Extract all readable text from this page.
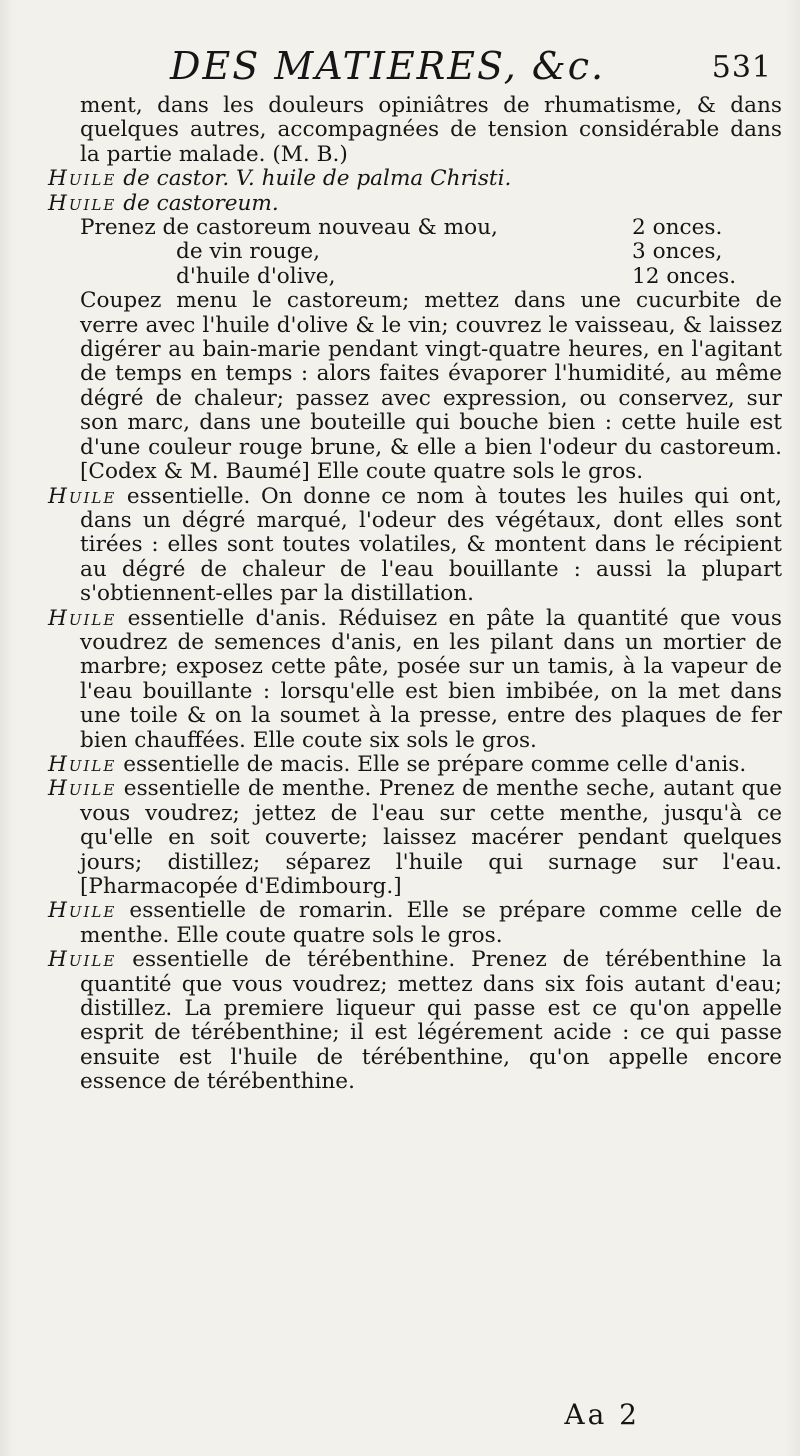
DES MATIERES, &c.	531

ment, dans les douleurs opiniâtres de rhumatisme, & dans quelques autres, accompagnées de tension considérable dans la partie malade. (M. B.)

Huile de castor. V. huile de palma Christi.

Huile de castoreum.

Prenez de castoreum nouveau & mou,	2 onces.
de vin rouge,	3 onces,
d'huile d'olive,	12 onces.

Coupez menu le castoreum; mettez dans une cucurbite de verre avec l'huile d'olive & le vin; couvrez le vaisseau, & laissez digérer au bain-marie pendant vingt-quatre heures, en l'agitant de temps en temps : alors faites évaporer l'humidité, au même dégré de chaleur; passez avec expression, ou conservez, sur son marc, dans une bouteille qui bouche bien : cette huile est d'une couleur rouge brune, & elle a bien l'odeur du castoreum. [Codex & M. Baumé] Elle coute quatre sols le gros.

Huile essentielle. On donne ce nom à toutes les huiles qui ont, dans un dégré marqué, l'odeur des végétaux, dont elles sont tirées : elles sont toutes volatiles, & montent dans le récipient au dégré de chaleur de l'eau bouillante : aussi la plupart s'obtiennent-elles par la distillation.

Huile essentielle d'anis. Réduisez en pâte la quantité que vous voudrez de semences d'anis, en les pilant dans un mortier de marbre; exposez cette pâte, posée sur un tamis, à la vapeur de l'eau bouillante : lorsqu'elle est bien imbibée, on la met dans une toile & on la soumet à la presse, entre des plaques de fer bien chauffées. Elle coute six sols le gros.

Huile essentielle de macis. Elle se prépare comme celle d'anis.

Huile essentielle de menthe. Prenez de menthe seche, autant que vous voudrez; jettez de l'eau sur cette menthe, jusqu'à ce qu'elle en soit couverte; laissez macérer pendant quelques jours; distillez; séparez l'huile qui surnage sur l'eau. [Pharmacopée d'Edimbourg.]

Huile essentielle de romarin. Elle se prépare comme celle de menthe. Elle coute quatre sols le gros.

Huile essentielle de térébenthine. Prenez de térébenthine la quantité que vous voudrez; mettez dans six fois autant d'eau; distillez. La premiere liqueur qui passe est ce qu'on appelle esprit de térébenthine; il est légérement acide : ce qui passe ensuite est l'huile de térébenthine, qu'on appelle encore essence de térébenthine.

Aa 2
